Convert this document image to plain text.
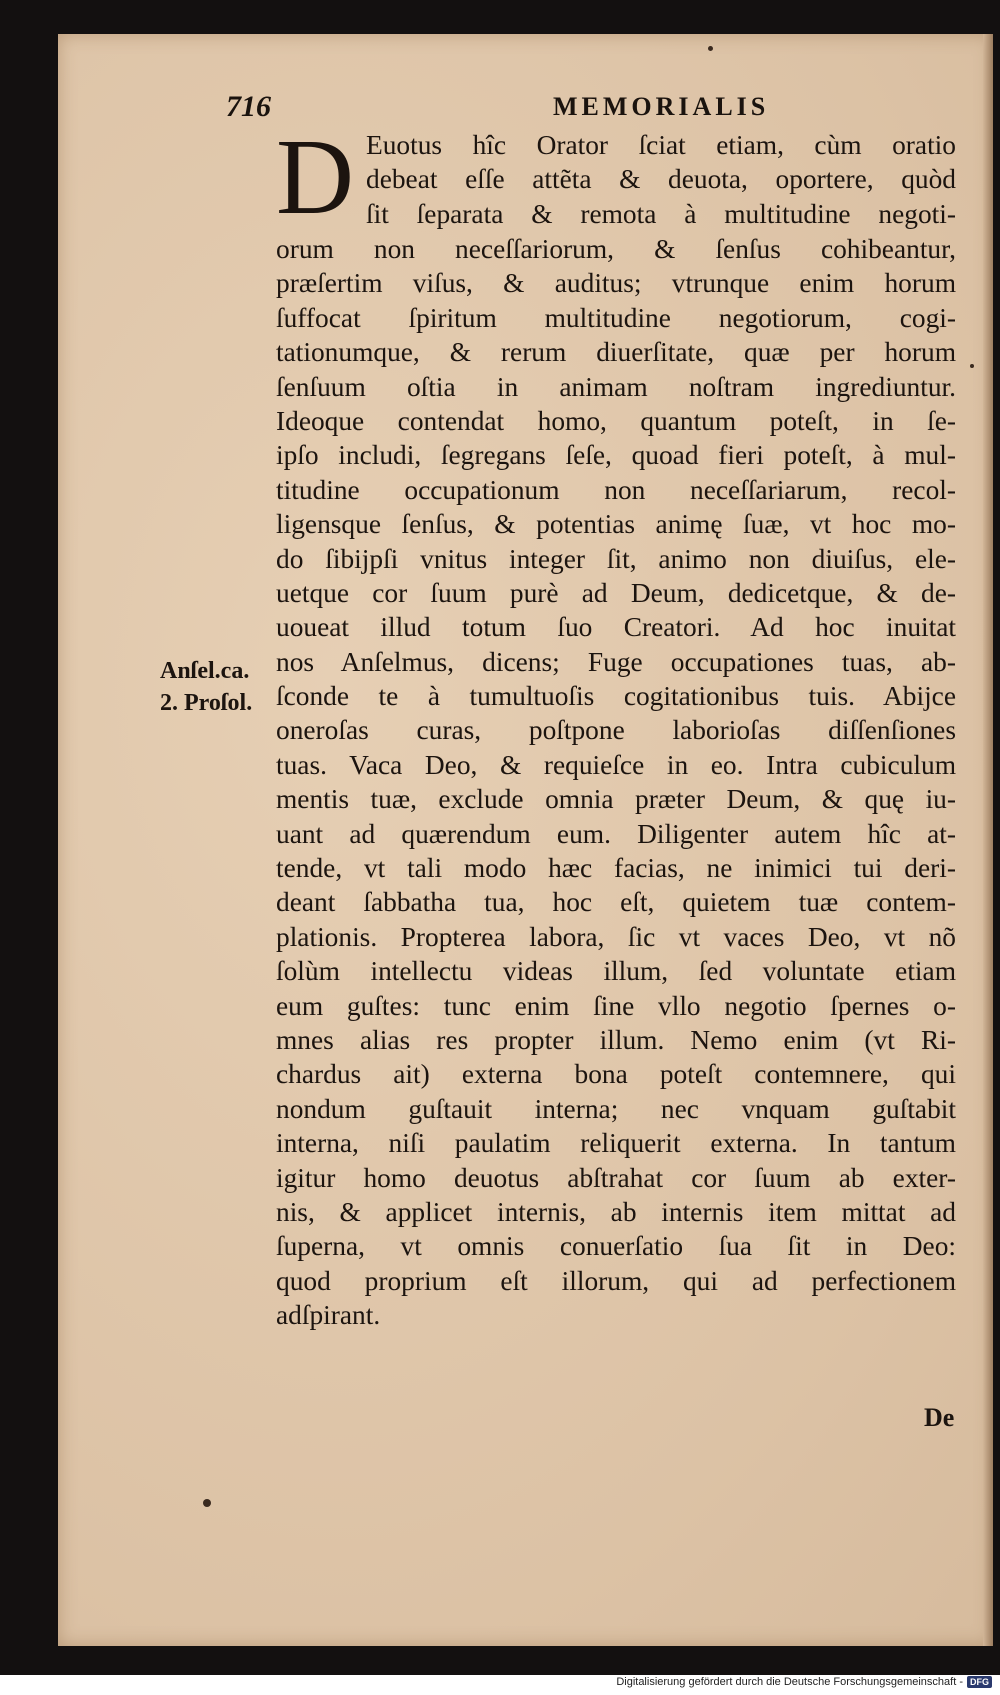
716	MEMORIALIS
Anſel.ca.
2. Proſol.
D Euotus hîc Orator ſciat etiam, cùm oratio
debeat eſſe attẽta & deuota, oportere, quòd
ſit ſeparata & remota à multitudine negoti-
orum non neceſſariorum, & ſenſus cohibeantur,
præſertim viſus, & auditus; vtrunque enim horum
ſuffocat ſpiritum multitudine negotiorum, cogi-
tationumque, & rerum diuerſitate, quæ per horum
ſenſuum oſtia in animam noſtram ingrediuntur.
Ideoque contendat homo, quantum poteſt, in ſe-
ipſo includi, ſegregans ſeſe, quoad fieri poteſt, à mul-
titudine occupationum non neceſſariarum, recol-
ligensque ſenſus, & potentias animę ſuæ, vt hoc mo-
do ſibijpſi vnitus integer ſit, animo non diuiſus, ele-
uetque cor ſuum purè ad Deum, dedicetque, & de-
uoueat illud totum ſuo Creatori. Ad hoc inuitat
nos Anſelmus, dicens; Fuge occupationes tuas, ab-
ſconde te à tumultuoſis cogitationibus tuis. Abijce
oneroſas curas, poſtpone laborioſas diſſenſiones
tuas. Vaca Deo, & requieſce in eo. Intra cubiculum
mentis tuæ, exclude omnia præter Deum, & quę iu-
uant ad quærendum eum. Diligenter autem hîc at-
tende, vt tali modo hæc facias, ne inimici tui deri-
deant ſabbatha tua, hoc eſt, quietem tuæ contem-
plationis. Propterea labora, ſic vt vaces Deo, vt nõ
ſolùm intellectu videas illum, ſed voluntate etiam
eum guſtes: tunc enim ſine vllo negotio ſpernes o-
mnes alias res propter illum. Nemo enim (vt Ri-
chardus ait) externa bona poteſt contemnere, qui
nondum guſtauit interna; nec vnquam guſtabit
interna, niſi paulatim reliquerit externa. In tantum
igitur homo deuotus abſtrahat cor ſuum ab exter-
nis, & applicet internis, ab internis item mittat ad
ſuperna, vt omnis conuerſatio ſua ſit in Deo:
quod proprium eſt illorum, qui ad perfectionem
adſpirant.
De
Digitalisierung gefördert durch die Deutsche Forschungsgemeinschaft - DFG
